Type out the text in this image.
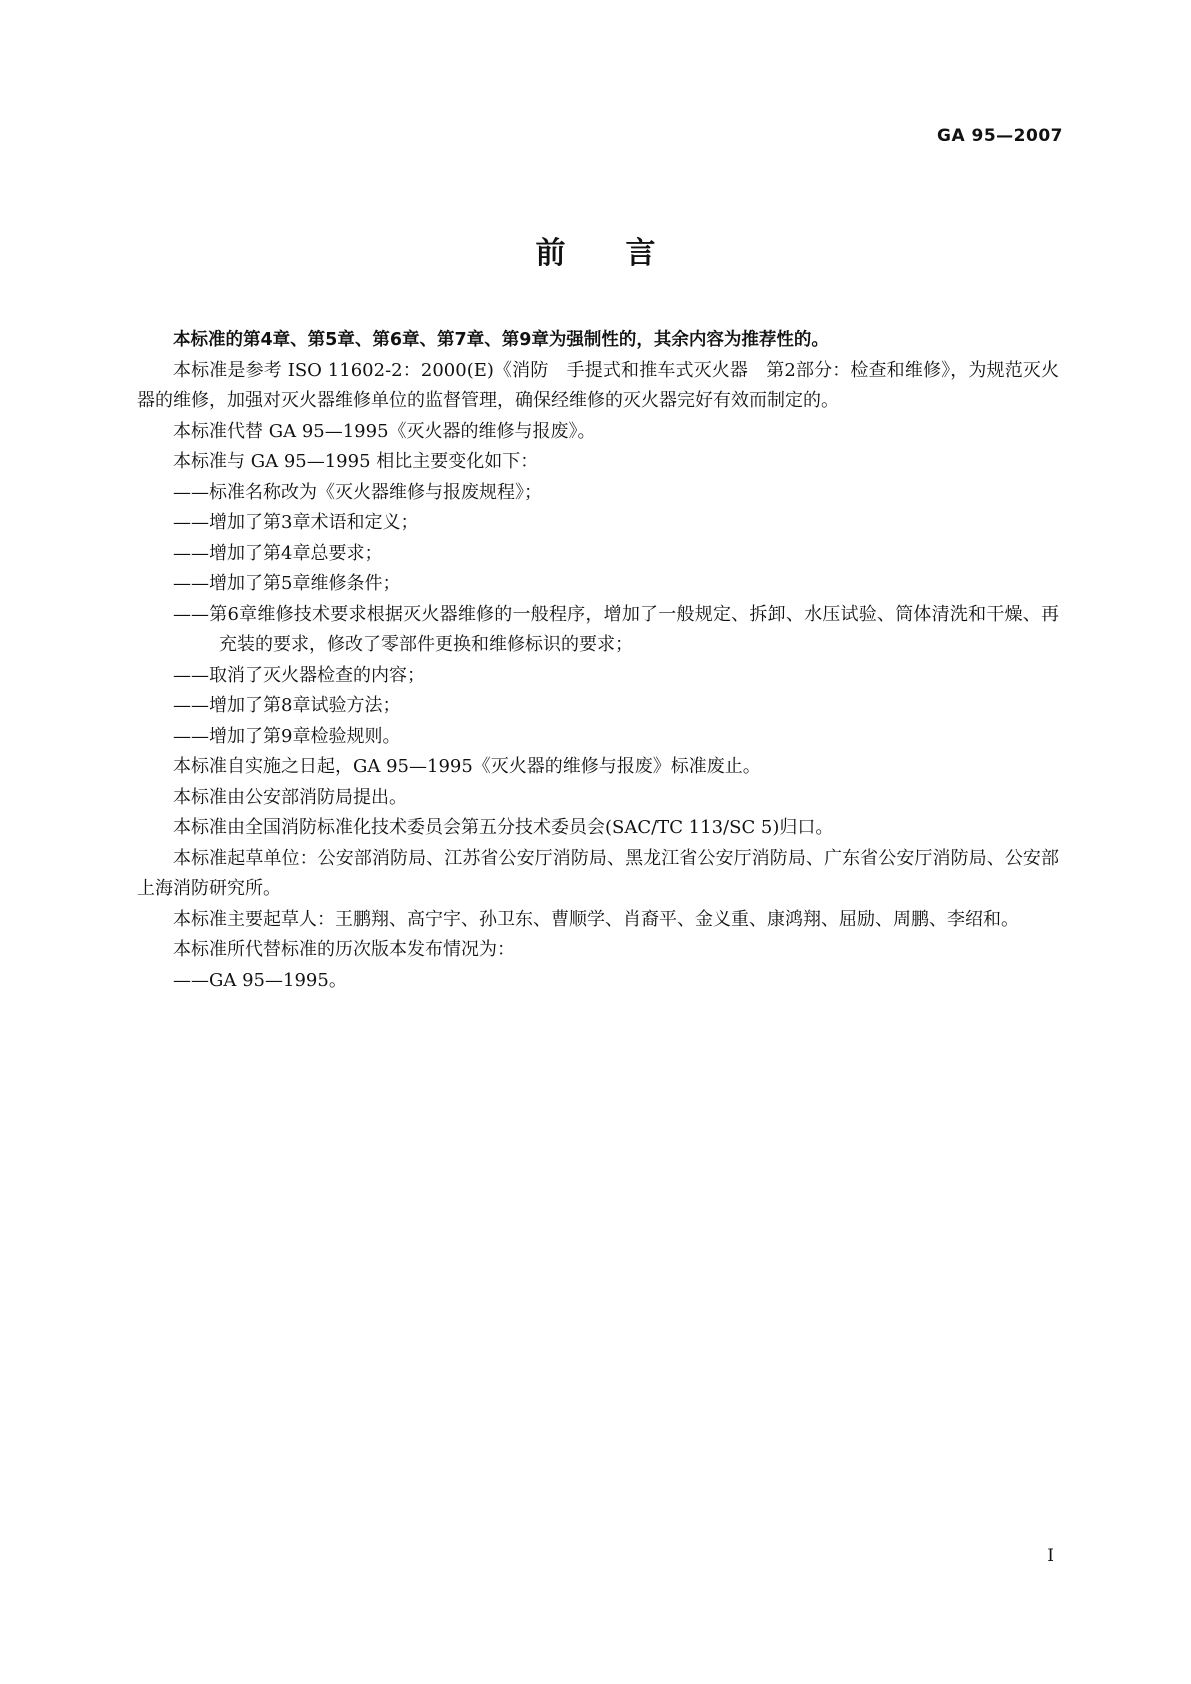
GA 95—2007
前言

本标准的第4章、第5章、第6章、第7章、第9章为强制性的，其余内容为推荐性的。

本标准是参考 ISO 11602-2：2000(E)《消防　手提式和推车式灭火器　第2部分：检查和维修》，为规范灭火器的维修，加强对灭火器维修单位的监督管理，确保经维修的灭火器完好有效而制定的。

本标准代替 GA 95—1995《灭火器的维修与报废》。

本标准与 GA 95—1995 相比主要变化如下：

——标准名称改为《灭火器维修与报废规程》；

——增加了第3章术语和定义；

——增加了第4章总要求；

——增加了第5章维修条件；

——第6章维修技术要求根据灭火器维修的一般程序，增加了一般规定、拆卸、水压试验、筒体清洗和干燥、再充装的要求，修改了零部件更换和维修标识的要求；

——取消了灭火器检查的内容；

——增加了第8章试验方法；

——增加了第9章检验规则。

本标准自实施之日起，GA 95—1995《灭火器的维修与报废》标准废止。

本标准由公安部消防局提出。

本标准由全国消防标准化技术委员会第五分技术委员会(SAC/TC 113/SC 5)归口。

本标准起草单位：公安部消防局、江苏省公安厅消防局、黑龙江省公安厅消防局、广东省公安厅消防局、公安部上海消防研究所。

本标准主要起草人：王鹏翔、高宁宇、孙卫东、曹顺学、肖裔平、金义重、康鸿翔、屈励、周鹏、李绍和。

本标准所代替标准的历次版本发布情况为：

——GA 95—1995。

I
